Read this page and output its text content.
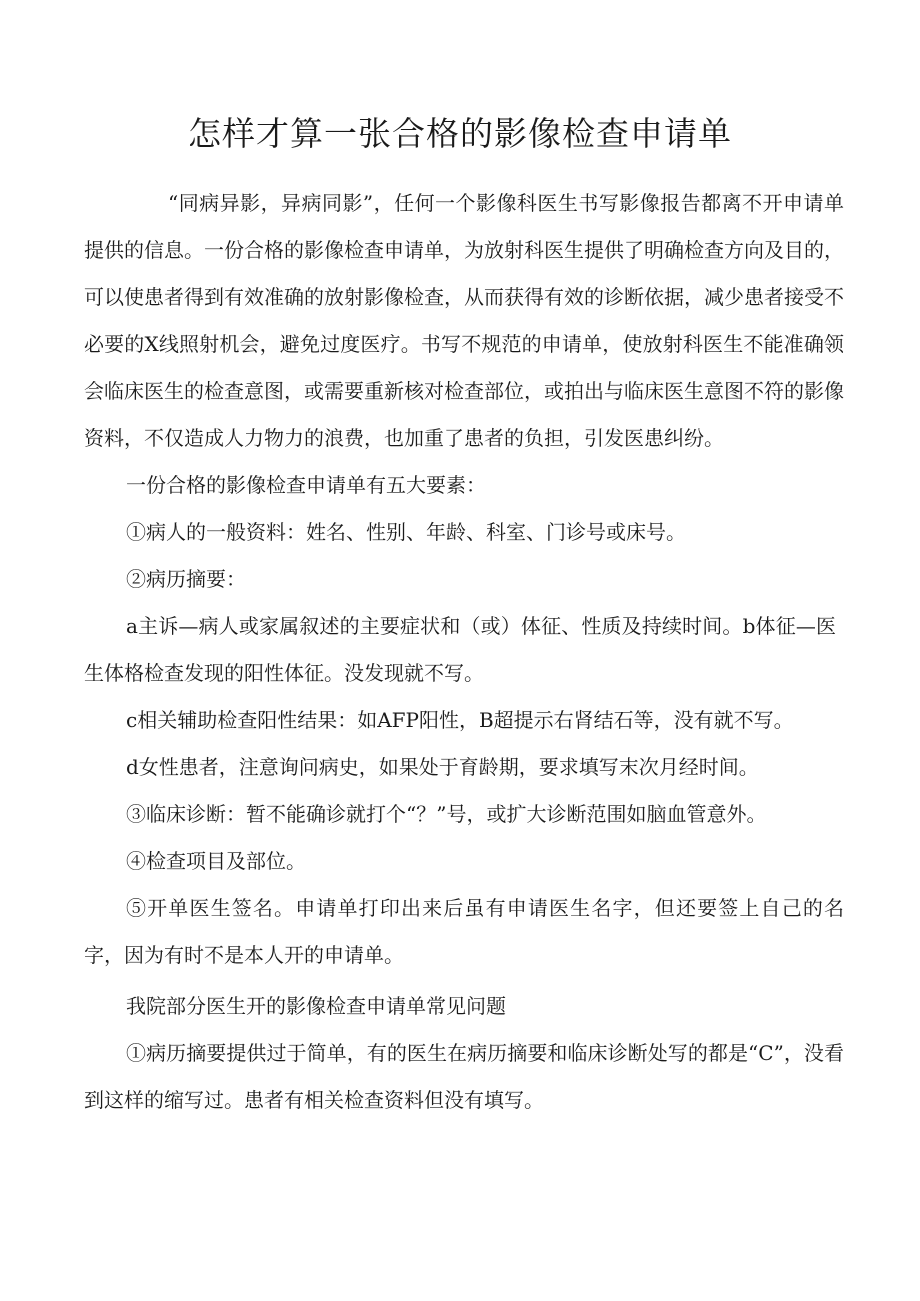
怎样才算一张合格的影像检查申请单

“同病异影，异病同影”，任何一个影像科医生书写影像报告都离不开申请单提供的信息。一份合格的影像检查申请单，为放射科医生提供了明确检查方向及目的，可以使患者得到有效准确的放射影像检查，从而获得有效的诊断依据，减少患者接受不必要的X线照射机会，避免过度医疗。书写不规范的申请单，使放射科医生不能准确领会临床医生的检查意图，或需要重新核对检查部位，或拍出与临床医生意图不符的影像资料，不仅造成人力物力的浪费，也加重了患者的负担，引发医患纠纷。

一份合格的影像检查申请单有五大要素：

①病人的一般资料：姓名、性别、年龄、科室、门诊号或床号。

②病历摘要：

a主诉—病人或家属叙述的主要症状和（或）体征、性质及持续时间。b体征—医生体格检查发现的阳性体征。没发现就不写。

c相关辅助检查阳性结果：如AFP阳性，B超提示右肾结石等，没有就不写。

d女性患者，注意询问病史，如果处于育龄期，要求填写末次月经时间。

③临床诊断：暂不能确诊就打个“？”号，或扩大诊断范围如脑血管意外。

④检查项目及部位。

⑤开单医生签名。申请单打印出来后虽有申请医生名字，但还要签上自己的名字，因为有时不是本人开的申请单。

我院部分医生开的影像检查申请单常见问题

①病历摘要提供过于简单，有的医生在病历摘要和临床诊断处写的都是“C”，没看到这样的缩写过。患者有相关检查资料但没有填写。
